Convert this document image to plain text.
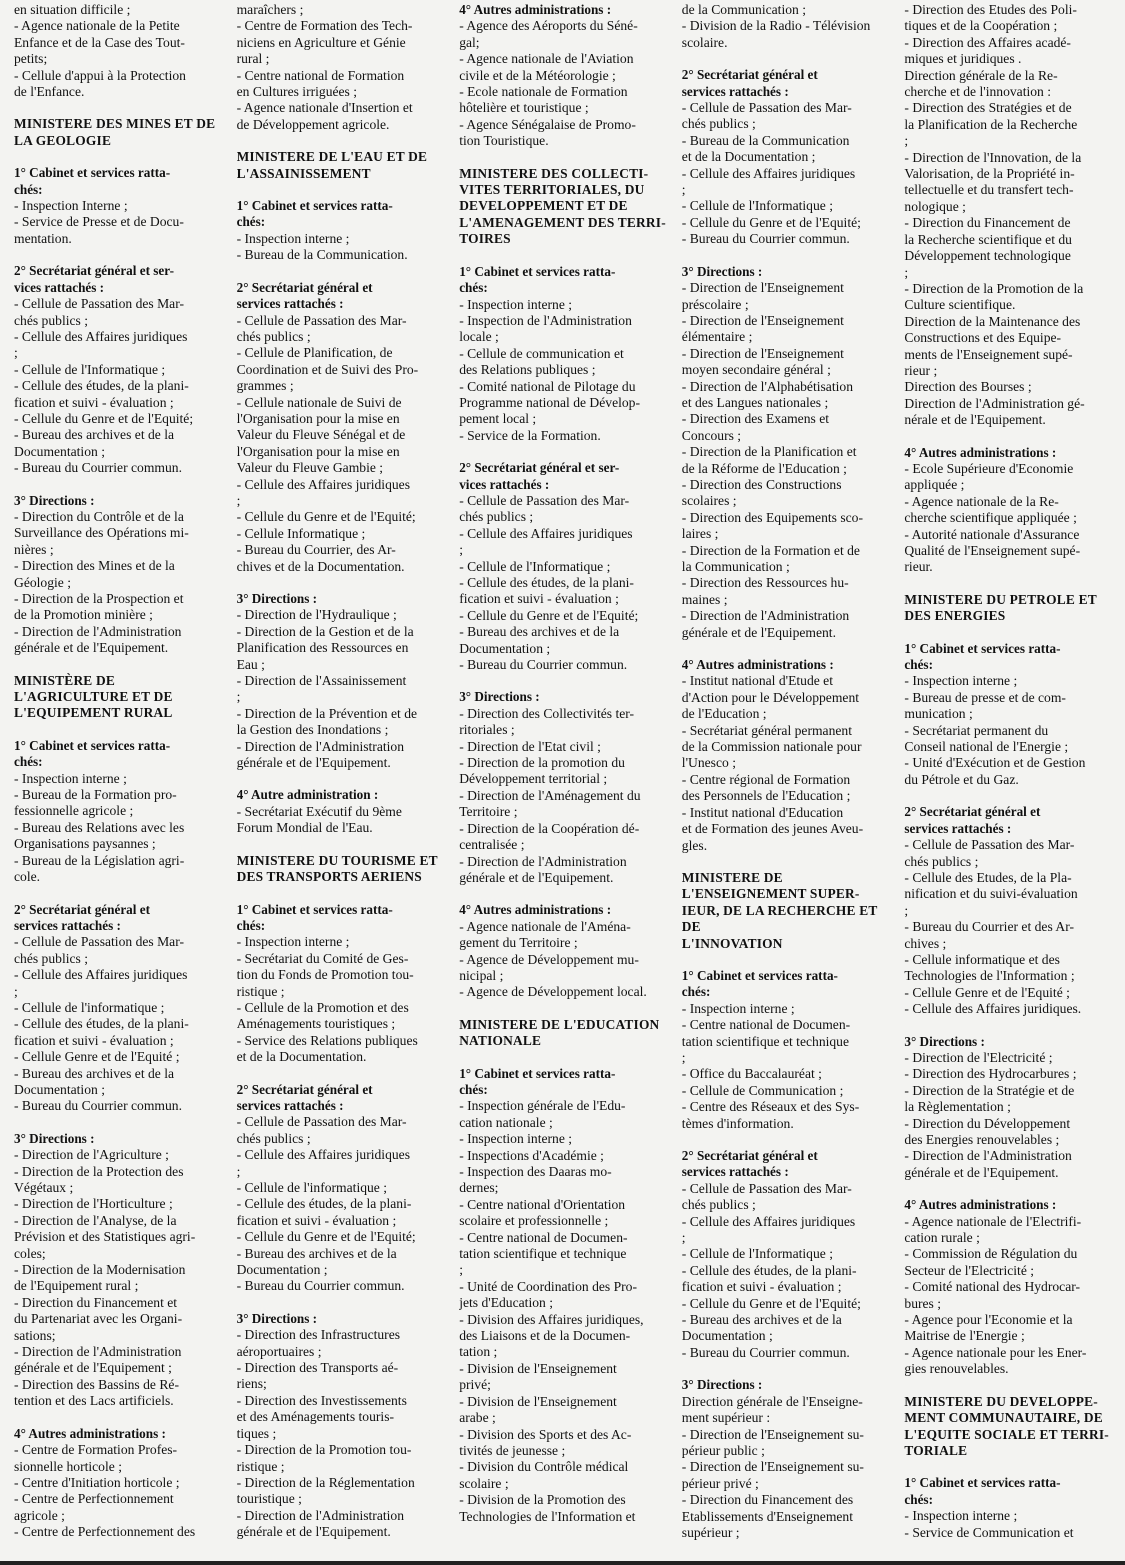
en situation difficile ;
- Agence nationale de la Petite
Enfance et de la Case des Tout-
petits;
- Cellule d'appui à la Protection
de l'Enfance.
MINISTERE DES MINES ET DE
LA GEOLOGIE
1° Cabinet et services ratta-
chés:
- Inspection Interne ;
- Service de Presse et de Docu-
mentation.
2° Secrétariat général et ser-
vices rattachés :
- Cellule de Passation des Mar-
chés publics ;
- Cellule des Affaires juridiques
;
- Cellule de l'Informatique ;
- Cellule des études, de la plani-
fication et suivi - évaluation ;
- Cellule du Genre et de l'Equité;
- Bureau des archives et de la
Documentation ;
- Bureau du Courrier commun.
3° Directions :
- Direction du Contrôle et de la
Surveillance des Opérations mi-
nières ;
- Direction des Mines et de la
Géologie ;
- Direction de la Prospection et
de la Promotion minière ;
- Direction de l'Administration
générale et de l'Equipement.
MINISTÈRE DE
L'AGRICULTURE ET DE
L'EQUIPEMENT RURAL
1° Cabinet et services ratta-
chés:
- Inspection interne ;
- Bureau de la Formation pro-
fessionnelle agricole ;
- Bureau des Relations avec les
Organisations paysannes ;
- Bureau de la Législation agri-
cole.
2° Secrétariat général et
services rattachés :
- Cellule de Passation des Mar-
chés publics ;
- Cellule des Affaires juridiques
;
- Cellule de l'informatique ;
- Cellule des études, de la plani-
fication et suivi - évaluation ;
- Cellule Genre et de l'Equité ;
- Bureau des archives et de la
Documentation ;
- Bureau du Courrier commun.
3° Directions :
- Direction de l'Agriculture ;
- Direction de la Protection des
Végétaux ;
- Direction de l'Horticulture ;
- Direction de l'Analyse, de la
Prévision et des Statistiques agri-
coles;
- Direction de la Modernisation
de l'Equipement rural ;
- Direction du Financement et
du Partenariat avec les Organi-
sations;
- Direction de l'Administration
générale et de l'Equipement ;
- Direction des Bassins de Ré-
tention et des Lacs artificiels.
4° Autres administrations :
- Centre de Formation Profes-
sionnelle horticole ;
- Centre d'Initiation horticole ;
- Centre de Perfectionnement
agricole ;
- Centre de Perfectionnement des
maraîchers ;
- Centre de Formation des Tech-
niciens en Agriculture et Génie
rural ;
- Centre national de Formation
en Cultures irriguées ;
- Agence nationale d'Insertion et
de Développement agricole.
MINISTERE DE L'EAU ET DE
L'ASSAINISSEMENT
1° Cabinet et services ratta-
chés:
- Inspection interne ;
- Bureau de la Communication.
2° Secrétariat général et
services rattachés :
- Cellule de Passation des Mar-
chés publics ;
- Cellule de Planification, de
Coordination et de Suivi des Pro-
grammes ;
- Cellule nationale de Suivi de
l'Organisation pour la mise en
Valeur du Fleuve Sénégal et de
l'Organisation pour la mise en
Valeur du Fleuve Gambie ;
- Cellule des Affaires juridiques
;
- Cellule du Genre et de l'Equité;
- Cellule Informatique ;
- Bureau du Courrier, des Ar-
chives et de la Documentation.
3° Directions :
- Direction de l'Hydraulique ;
- Direction de la Gestion et de la
Planification des Ressources en
Eau ;
- Direction de l'Assainissement
;
- Direction de la Prévention et de
la Gestion des Inondations ;
- Direction de l'Administration
générale et de l'Equipement.
4° Autre administration :
- Secrétariat Exécutif du 9ème
Forum Mondial de l'Eau.
MINISTERE DU TOURISME ET
DES TRANSPORTS AERIENS
1° Cabinet et services ratta-
chés:
- Inspection interne ;
- Secrétariat du Comité de Ges-
tion du Fonds de Promotion tou-
ristique ;
- Cellule de la Promotion et des
Aménagements touristiques ;
- Service des Relations publiques
et de la Documentation.
2° Secrétariat général et
services rattachés :
- Cellule de Passation des Mar-
chés publics ;
- Cellule des Affaires juridiques
;
- Cellule de l'informatique ;
- Cellule des études, de la plani-
fication et suivi - évaluation ;
- Cellule du Genre et de l'Equité;
- Bureau des archives et de la
Documentation ;
- Bureau du Courrier commun.
3° Directions :
- Direction des Infrastructures
aéroportuaires ;
- Direction des Transports aé-
riens;
- Direction des Investissements
et des Aménagements touris-
tiques ;
- Direction de la Promotion tou-
ristique ;
- Direction de la Réglementation
touristique ;
- Direction de l'Administration
générale et de l'Equipement.
4° Autres administrations :
- Agence des Aéroports du Séné-
gal;
- Agence nationale de l'Aviation
civile et de la Météorologie ;
- Ecole nationale de Formation
hôtelière et touristique ;
- Agence Sénégalaise de Promo-
tion Touristique.
MINISTERE DES COLLECTI-
VITES TERRITORIALES, DU
DEVELOPPEMENT ET DE
L'AMENAGEMENT DES TERRI-
TOIRES
1° Cabinet et services ratta-
chés:
- Inspection interne ;
- Inspection de l'Administration
locale ;
- Cellule de communication et
des Relations publiques ;
- Comité national de Pilotage du
Programme national de Dévelop-
pement local ;
- Service de la Formation.
2° Secrétariat général et ser-
vices rattachés :
- Cellule de Passation des Mar-
chés publics ;
- Cellule des Affaires juridiques
;
- Cellule de l'Informatique ;
- Cellule des études, de la plani-
fication et suivi - évaluation ;
- Cellule du Genre et de l'Equité;
- Bureau des archives et de la
Documentation ;
- Bureau du Courrier commun.
3° Directions :
- Direction des Collectivités ter-
ritoriales ;
- Direction de l'Etat civil ;
- Direction de la promotion du
Développement territorial ;
- Direction de l'Aménagement du
Territoire ;
- Direction de la Coopération dé-
centralisée ;
- Direction de l'Administration
générale et de l'Equipement.
4° Autres administrations :
- Agence nationale de l'Aména-
gement du Territoire ;
- Agence de Développement mu-
nicipal ;
- Agence de Développement local.
MINISTERE DE L'EDUCATION
NATIONALE
1° Cabinet et services ratta-
chés:
- Inspection générale de l'Edu-
cation nationale ;
- Inspection interne ;
- Inspections d'Académie ;
- Inspection des Daaras mo-
dernes;
- Centre national d'Orientation
scolaire et professionnelle ;
- Centre national de Documen-
tation scientifique et technique
;
- Unité de Coordination des Pro-
jets d'Education ;
- Division des Affaires juridiques,
des Liaisons et de la Documen-
tation ;
- Division de l'Enseignement
privé;
- Division de l'Enseignement
arabe ;
- Division des Sports et des Ac-
tivités de jeunesse ;
- Division du Contrôle médical
scolaire ;
- Division de la Promotion des
Technologies de l'Information et
de la Communication ;
- Division de la Radio - Télévision
scolaire.
2° Secrétariat général et
services rattachés :
- Cellule de Passation des Mar-
chés publics ;
- Bureau de la Communication
et de la Documentation ;
- Cellule des Affaires juridiques
;
- Cellule de l'Informatique ;
- Cellule du Genre et de l'Equité;
- Bureau du Courrier commun.
3° Directions :
- Direction de l'Enseignement
préscolaire ;
- Direction de l'Enseignement
élémentaire ;
- Direction de l'Enseignement
moyen secondaire général ;
- Direction de l'Alphabétisation
et des Langues nationales ;
- Direction des Examens et
Concours ;
- Direction de la Planification et
de la Réforme de l'Education ;
- Direction des Constructions
scolaires ;
- Direction des Equipements sco-
laires ;
- Direction de la Formation et de
la Communication ;
- Direction des Ressources hu-
maines ;
- Direction de l'Administration
générale et de l'Equipement.
4° Autres administrations :
- Institut national d'Etude et
d'Action pour le Développement
de l'Education ;
- Secrétariat général permanent
de la Commission nationale pour
l'Unesco ;
- Centre régional de Formation
des Personnels de l'Education ;
- Institut national d'Education
et de Formation des jeunes Aveu-
gles.
MINISTERE DE
L'ENSEIGNEMENT SUPER-
IEUR, DE LA RECHERCHE ET
DE
L'INNOVATION
1° Cabinet et services ratta-
chés:
- Inspection interne ;
- Centre national de Documen-
tation scientifique et technique
;
- Office du Baccalauréat ;
- Cellule de Communication ;
- Centre des Réseaux et des Sys-
tèmes d'information.
2° Secrétariat général et
services rattachés :
- Cellule de Passation des Mar-
chés publics ;
- Cellule des Affaires juridiques
;
- Cellule de l'Informatique ;
- Cellule des études, de la plani-
fication et suivi - évaluation ;
- Cellule du Genre et de l'Equité;
- Bureau des archives et de la
Documentation ;
- Bureau du Courrier commun.
3° Directions :
Direction générale de l'Enseigne-
ment supérieur :
- Direction de l'Enseignement su-
périeur public ;
- Direction de l'Enseignement su-
périeur privé ;
- Direction du Financement des
Etablissements d'Enseignement
supérieur ;
- Direction des Etudes des Poli-
tiques et de la Coopération ;
- Direction des Affaires acadé-
miques et juridiques .
Direction générale de la Re-
cherche et de l'innovation :
- Direction des Stratégies et de
la Planification de la Recherche
;
- Direction de l'Innovation, de la
Valorisation, de la Propriété in-
tellectuelle et du transfert tech-
nologique ;
- Direction du Financement de
la Recherche scientifique et du
Développement technologique
;
- Direction de la Promotion de la
Culture scientifique.
Direction de la Maintenance des
Constructions et des Equipe-
ments de l'Enseignement supé-
rieur ;
Direction des Bourses ;
Direction de l'Administration gé-
nérale et de l'Equipement.
4° Autres administrations :
- Ecole Supérieure d'Economie
appliquée ;
- Agence nationale de la Re-
cherche scientifique appliquée ;
- Autorité nationale d'Assurance
Qualité de l'Enseignement supé-
rieur.
MINISTERE DU PETROLE ET
DES ENERGIES
1° Cabinet et services ratta-
chés:
- Inspection interne ;
- Bureau de presse et de com-
munication ;
- Secrétariat permanent du
Conseil national de l'Energie ;
- Unité d'Exécution et de Gestion
du Pétrole et du Gaz.
2° Secrétariat général et
services rattachés :
- Cellule de Passation des Mar-
chés publics ;
- Cellule des Etudes, de la Pla-
nification et du suivi-évaluation
;
- Bureau du Courrier et des Ar-
chives ;
- Cellule informatique et des
Technologies de l'Information ;
- Cellule Genre et de l'Equité ;
- Cellule des Affaires juridiques.
3° Directions :
- Direction de l'Electricité ;
- Direction des Hydrocarbures ;
- Direction de la Stratégie et de
la Règlementation ;
- Direction du Développement
des Energies renouvelables ;
- Direction de l'Administration
générale et de l'Equipement.
4° Autres administrations :
- Agence nationale de l'Electrifi-
cation rurale ;
- Commission de Régulation du
Secteur de l'Electricité ;
- Comité national des Hydrocar-
bures ;
- Agence pour l'Economie et la
Maitrise de l'Energie ;
- Agence nationale pour les Ener-
gies renouvelables.
MINISTERE DU DEVELOPPE-
MENT COMMUNAUTAIRE, DE
L'EQUITE SOCIALE ET TERRI-
TORIALE
1° Cabinet et services ratta-
chés:
- Inspection interne ;
- Service de Communication et
